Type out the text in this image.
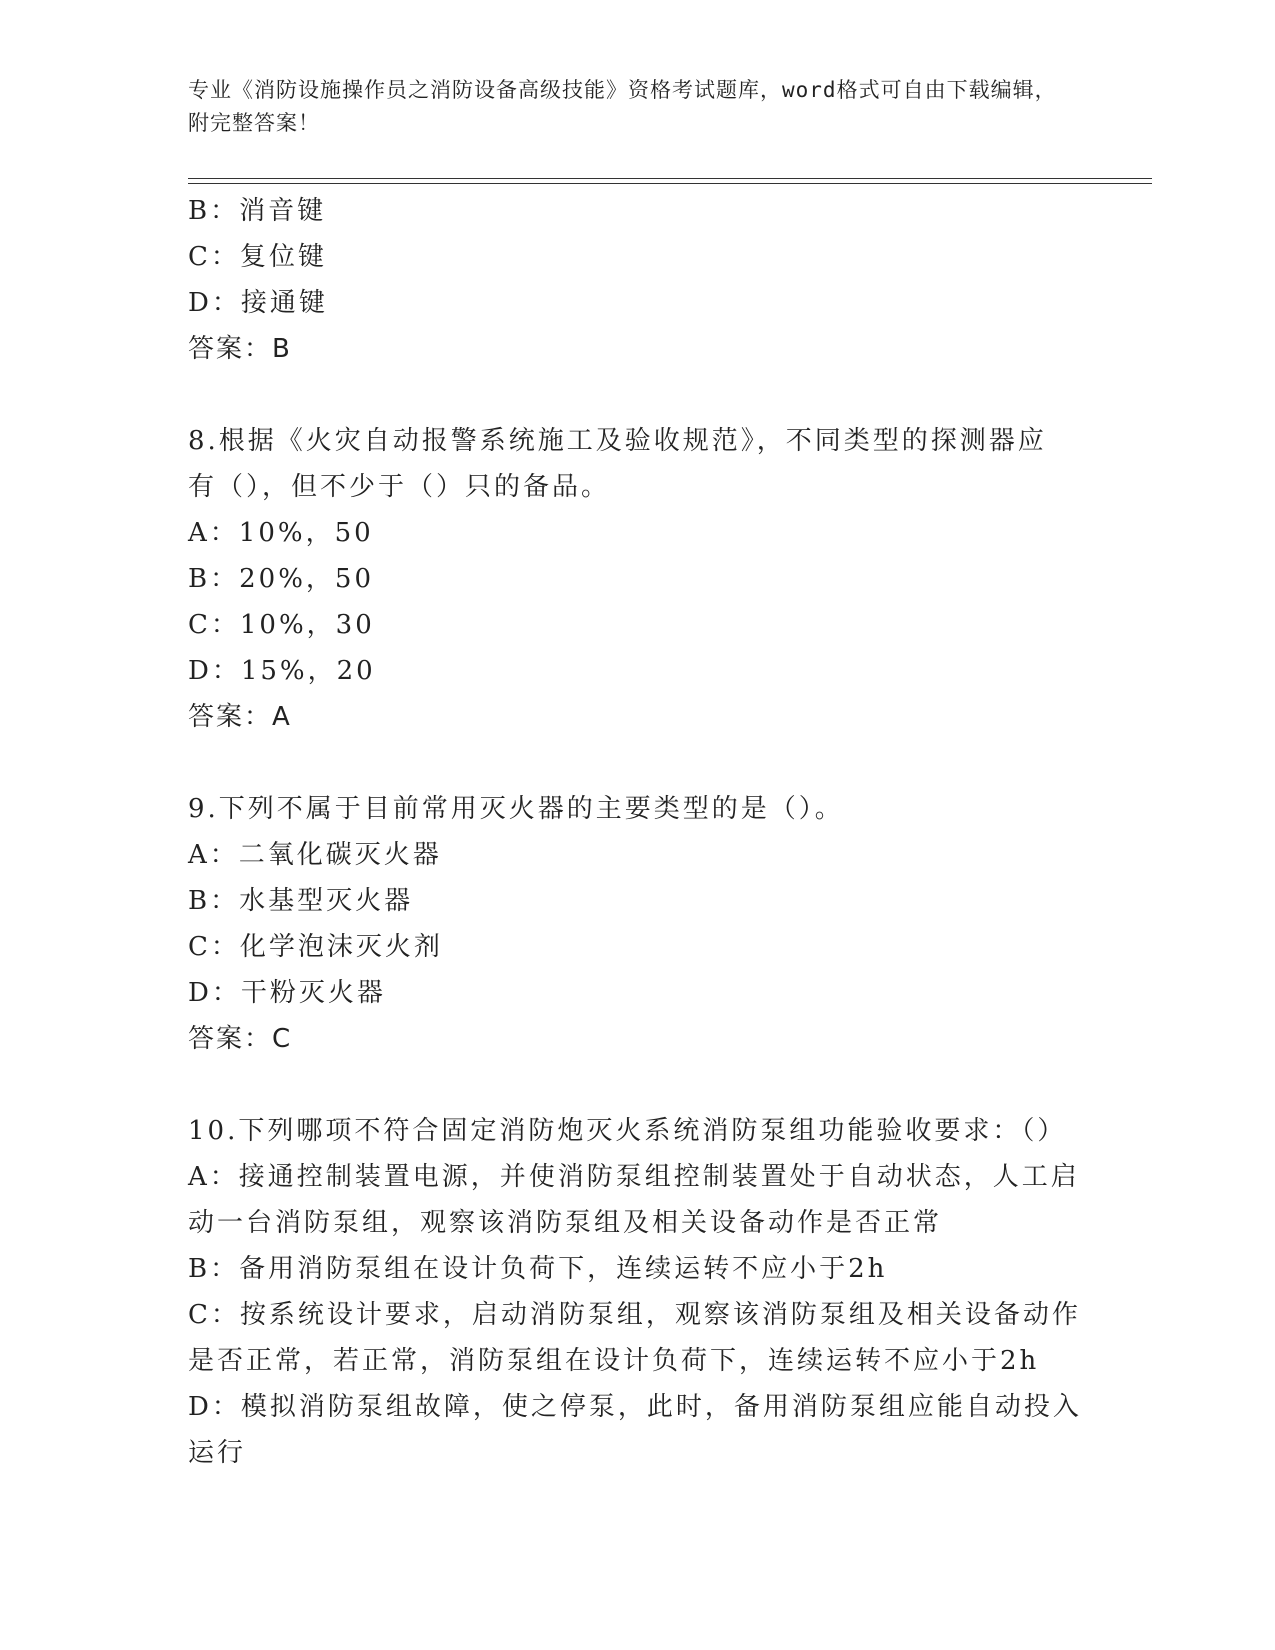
专业《消防设施操作员之消防设备高级技能》资格考试题库，word格式可自由下载编辑，附完整答案！
B：消音键
C：复位键
D：接通键
答案：B
8.根据《火灾自动报警系统施工及验收规范》，不同类型的探测器应
有（），但不少于（）只的备品。
A：10%，50
B：20%，50
C：10%，30
D：15%，20
答案：A
9.下列不属于目前常用灭火器的主要类型的是（）。
A：二氧化碳灭火器
B：水基型灭火器
C：化学泡沫灭火剂
D：干粉灭火器
答案：C
10.下列哪项不符合固定消防炮灭火系统消防泵组功能验收要求：（）
A：接通控制装置电源，并使消防泵组控制装置处于自动状态，人工启
动一台消防泵组，观察该消防泵组及相关设备动作是否正常
B：备用消防泵组在设计负荷下，连续运转不应小于2h
C：按系统设计要求，启动消防泵组，观察该消防泵组及相关设备动作
是否正常，若正常，消防泵组在设计负荷下，连续运转不应小于2h
D：模拟消防泵组故障，使之停泵，此时，备用消防泵组应能自动投入
运行
